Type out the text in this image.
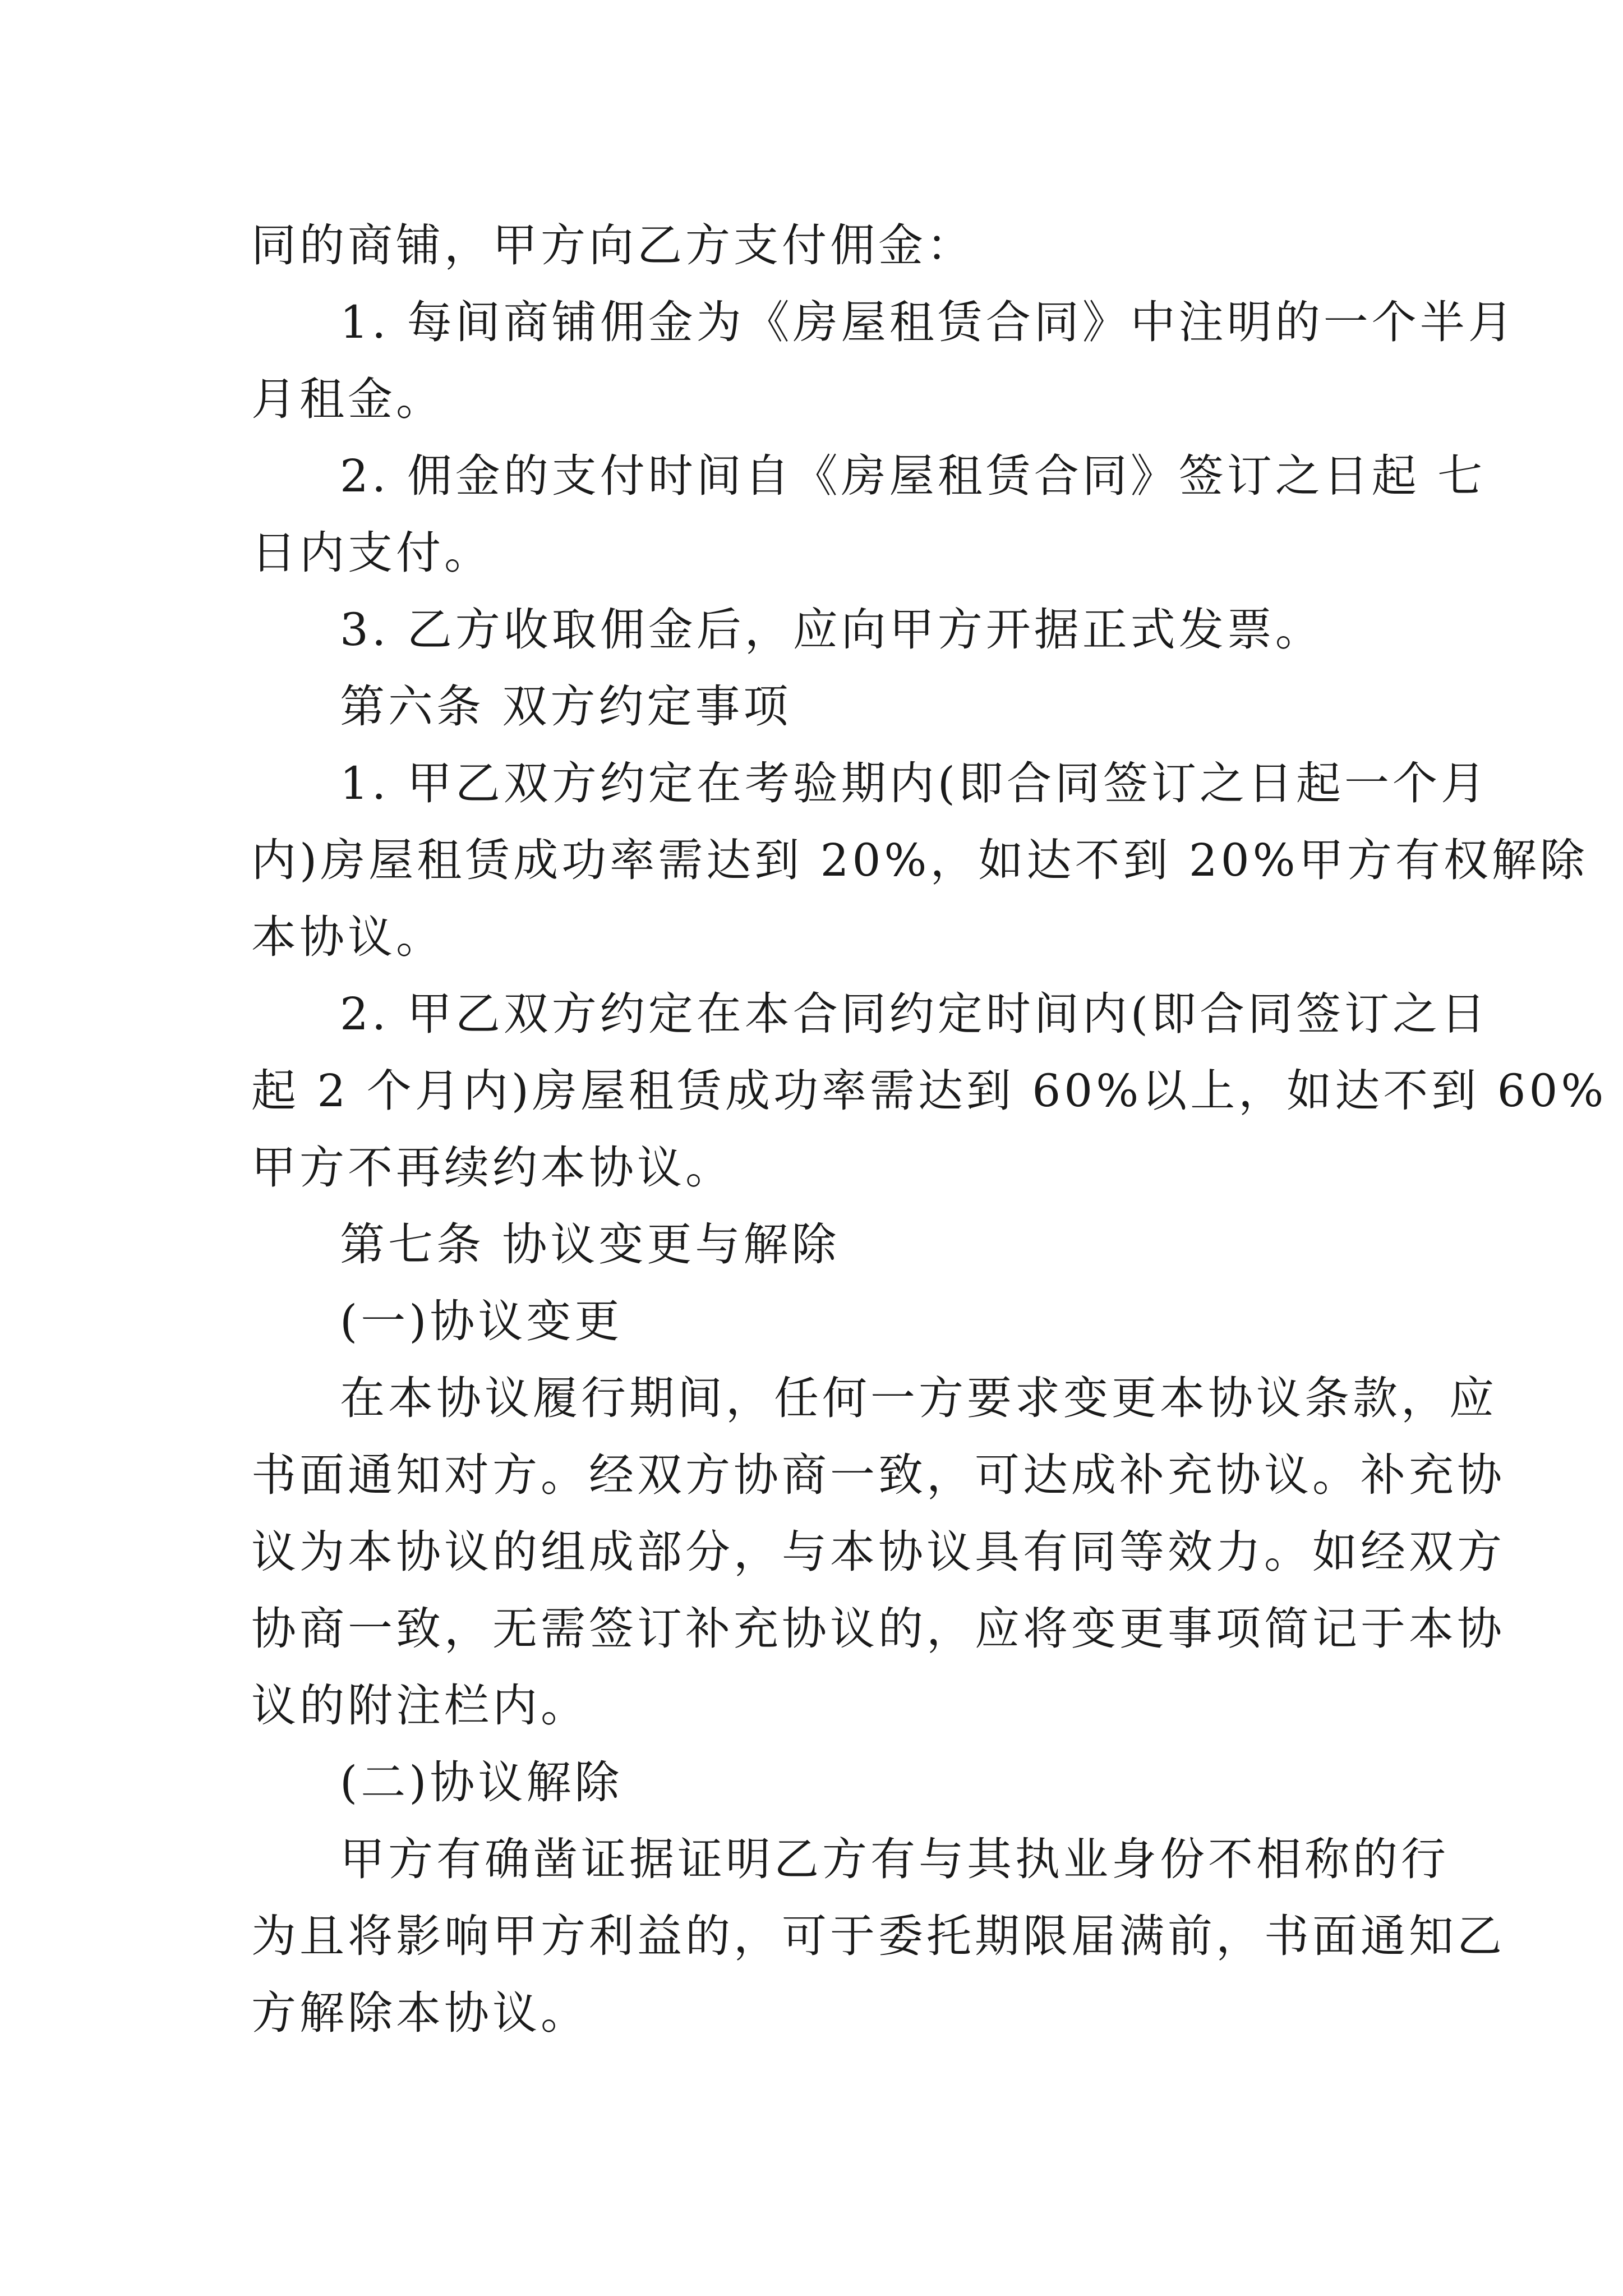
同的商铺，甲方向乙方支付佣金：
1. 每间商铺佣金为《房屋租赁合同》中注明的一个半月
月租金。
2. 佣金的支付时间自《房屋租赁合同》签订之日起 七
日内支付。
3. 乙方收取佣金后，应向甲方开据正式发票。
第六条 双方约定事项
1. 甲乙双方约定在考验期内(即合同签订之日起一个月
内)房屋租赁成功率需达到 20%，如达不到 20%甲方有权解除
本协议。
2. 甲乙双方约定在本合同约定时间内(即合同签订之日
起 2 个月内)房屋租赁成功率需达到 60%以上，如达不到 60%
甲方不再续约本协议。
第七条 协议变更与解除
(一)协议变更
在本协议履行期间，任何一方要求变更本协议条款，应
书面通知对方。经双方协商一致，可达成补充协议。补充协
议为本协议的组成部分，与本协议具有同等效力。如经双方
协商一致，无需签订补充协议的，应将变更事项简记于本协
议的附注栏内。
(二)协议解除
甲方有确凿证据证明乙方有与其执业身份不相称的行
为且将影响甲方利益的，可于委托期限届满前，书面通知乙
方解除本协议。
